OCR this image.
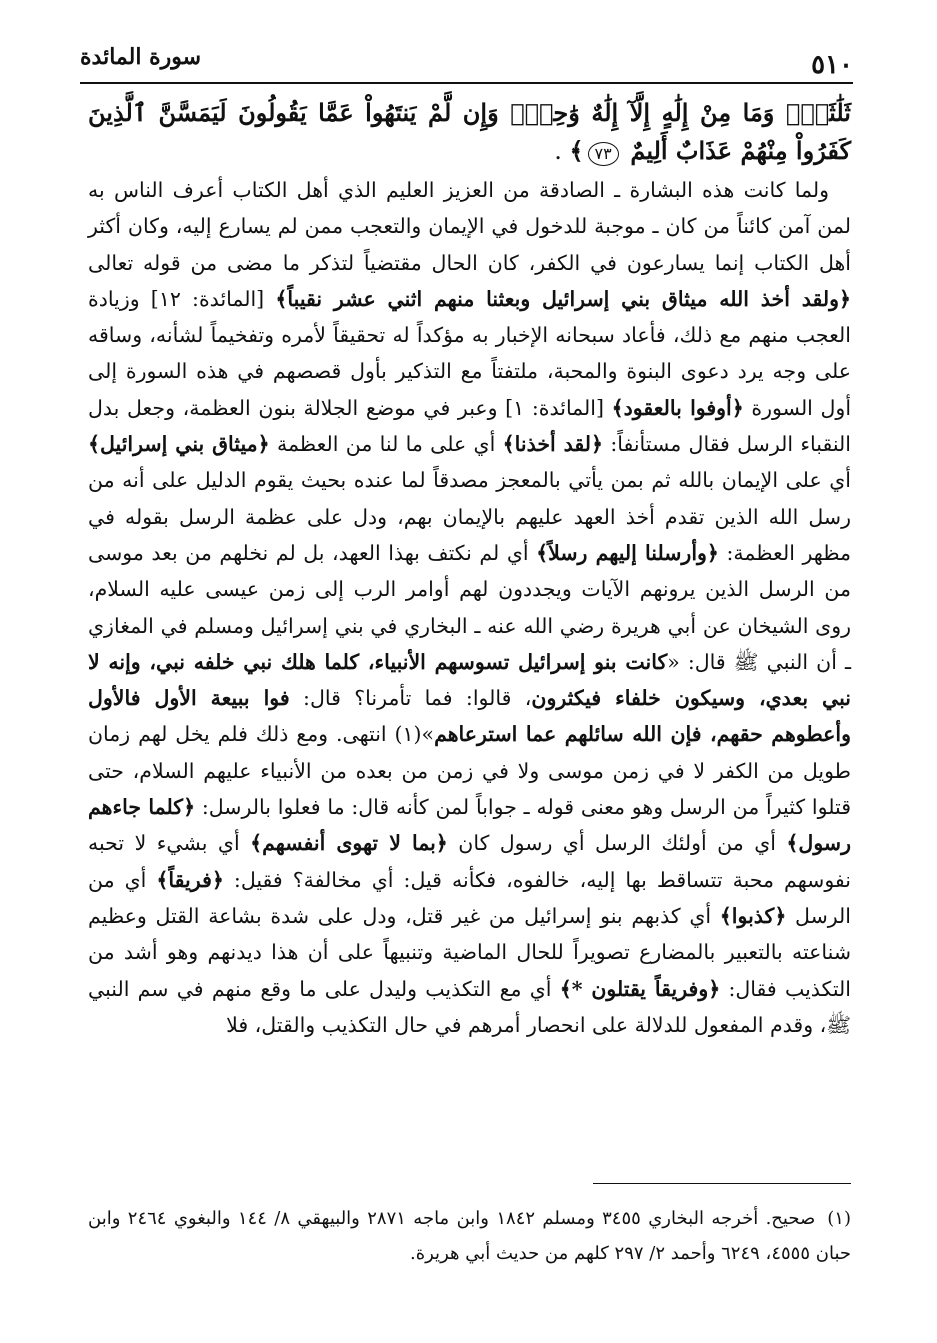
٥١٠
سورة المائدة
ثَلَٰثَةٍۘ وَمَا مِنْ إِلَٰهٍ إِلَّآ إِلَٰهٌ وَٰحِدٌۚ وَإِن لَّمْ يَنتَهُواْ عَمَّا يَقُولُونَ لَيَمَسَّنَّ ٱلَّذِينَ كَفَرُواْ مِنْهُمْ عَذَابٌ أَلِيمٌ ٧٣﴾ .

ولما كانت هذه البشارة ـ الصادقة من العزيز العليم الذي أهل الكتاب أعرف الناس به لمن آمن كائناً من كان ـ موجبة للدخول في الإيمان والتعجب ممن لم يسارع إليه، وكان أكثر أهل الكتاب إنما يسارعون في الكفر، كان الحال مقتضياً لتذكر ما مضى من قوله تعالى ﴿ولقد أخذ الله ميثاق بني إسرائيل وبعثنا منهم اثني عشر نقيباً﴾ [المائدة: ١٢] وزيادة العجب منهم مع ذلك، فأعاد سبحانه الإخبار به مؤكداً له تحقيقاً لأمره وتفخيماً لشأنه، وساقه على وجه يرد دعوى البنوة والمحبة، ملتفتاً مع التذكير بأول قصصهم في هذه السورة إلى أول السورة ﴿أوفوا بالعقود﴾ [المائدة: ١] وعبر في موضع الجلالة بنون العظمة، وجعل بدل النقباء الرسل فقال مستأنفاً: ﴿لقد أخذنا﴾ أي على ما لنا من العظمة ﴿ميثاق بني إسرائيل﴾ أي على الإيمان بالله ثم بمن يأتي بالمعجز مصدقاً لما عنده بحيث يقوم الدليل على أنه من رسل الله الذين تقدم أخذ العهد عليهم بالإيمان بهم، ودل على عظمة الرسل بقوله في مظهر العظمة: ﴿وأرسلنا إليهم رسلاً﴾ أي لم نكتف بهذا العهد، بل لم نخلهم من بعد موسى من الرسل الذين يرونهم الآيات ويجددون لهم أوامر الرب إلى زمن عيسى عليه السلام، روى الشيخان عن أبي هريرة رضي الله عنه ـ البخاري في بني إسرائيل ومسلم في المغازي ـ أن النبي ﷺ قال: «كانت بنو إسرائيل تسوسهم الأنبياء، كلما هلك نبي خلفه نبي، وإنه لا نبي بعدي، وسيكون خلفاء فيكثرون، قالوا: فما تأمرنا؟ قال: فوا ببيعة الأول فالأول وأعطوهم حقهم، فإن الله سائلهم عما استرعاهم»(١) انتهى. ومع ذلك فلم يخل لهم زمان طويل من الكفر لا في زمن موسى ولا في زمن من بعده من الأنبياء عليهم السلام، حتى قتلوا كثيراً من الرسل وهو معنى قوله ـ جواباً لمن كأنه قال: ما فعلوا بالرسل: ﴿كلما جاءهم رسول﴾ أي من أولئك الرسل أي رسول كان ﴿بما لا تهوى أنفسهم﴾ أي بشيء لا تحبه نفوسهم محبة تتساقط بها إليه، خالفوه، فكأنه قيل: أي مخالفة؟ فقيل: ﴿فريقاً﴾ أي من الرسل ﴿كذبوا﴾ أي كذبهم بنو إسرائيل من غير قتل، ودل على شدة بشاعة القتل وعظيم شناعته بالتعبير بالمضارع تصويراً للحال الماضية وتنبيهاً على أن هذا ديدنهم وهو أشد من التكذيب فقال: ﴿وفريقاً يقتلون *﴾ أي مع التكذيب وليدل على ما وقع منهم في سم النبي ﷺ، وقدم المفعول للدلالة على انحصار أمرهم في حال التكذيب والقتل، فلا

(١)صحيح. أخرجه البخاري ٣٤٥٥ ومسلم ١٨٤٢ وابن ماجه ٢٨٧١ والبيهقي ٨/ ١٤٤ والبغوي ٢٤٦٤ وابن حبان ٤٥٥٥، ٦٢٤٩ وأحمد ٢/ ٢٩٧ كلهم من حديث أبي هريرة.
